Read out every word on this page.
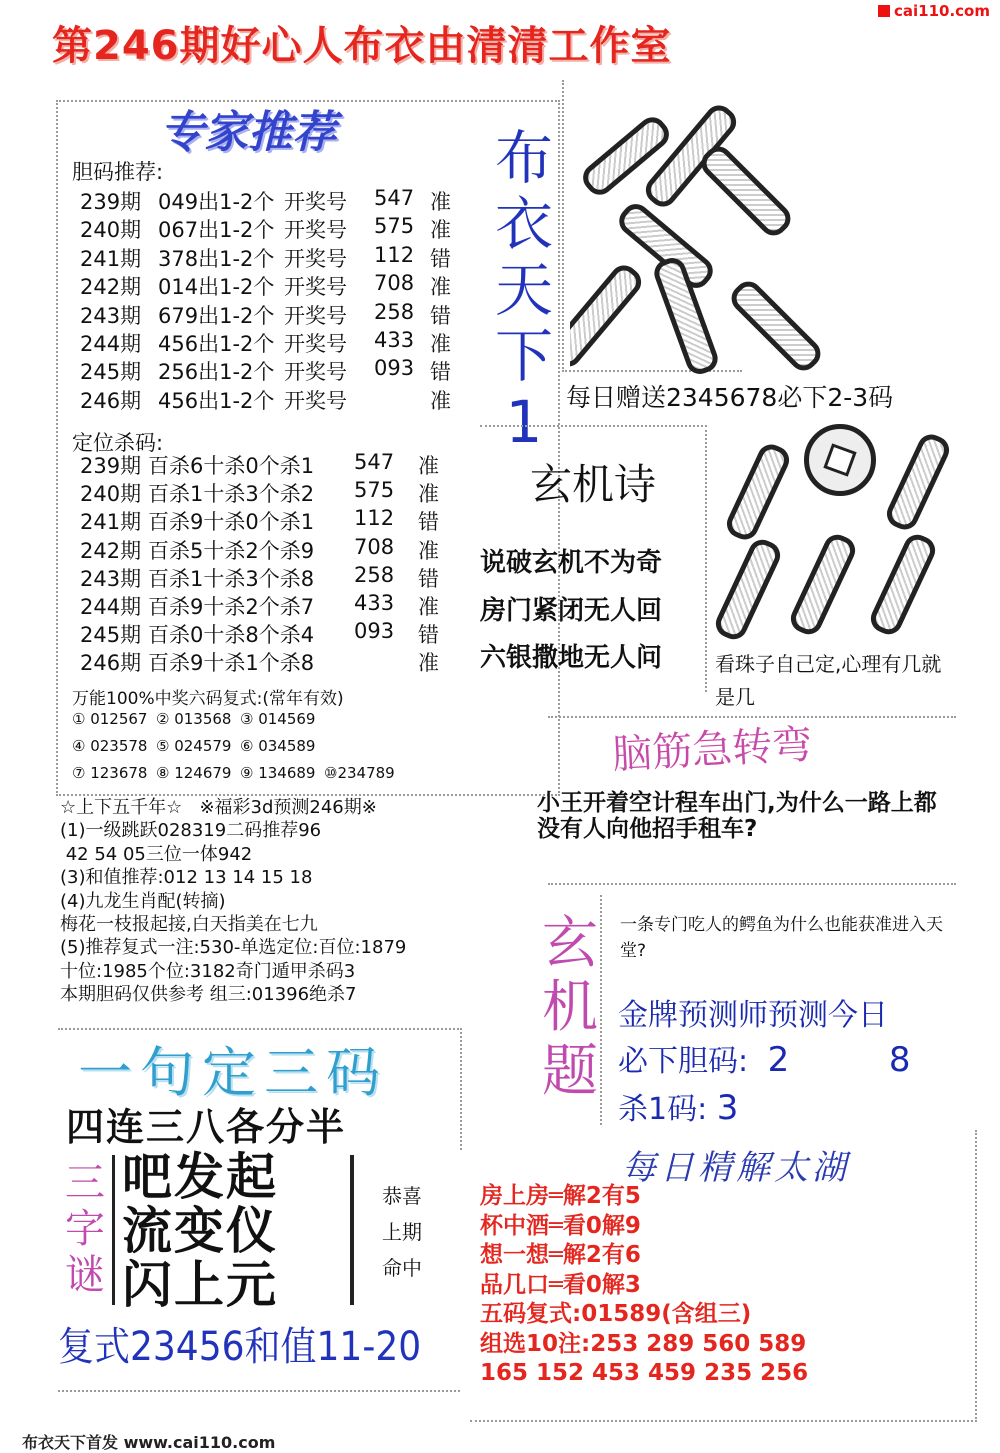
cai110.com
第246期好心人布衣由清清工作室
专家推荐
胆码推荐:
239期 049出1-2个 开奖号 547 准
240期 067出1-2个 开奖号 575 准
241期 378出1-2个 开奖号 112 错
242期 014出1-2个 开奖号 708 准
243期 679出1-2个 开奖号 258 错
244期 456出1-2个 开奖号 433 准
245期 256出1-2个 开奖号 093 错
246期 456出1-2个 开奖号	准
定位杀码:
239期 百杀6十杀0个杀1 547 准
240期 百杀1十杀3个杀2 575 准
241期 百杀9十杀0个杀1 112 错
242期 百杀5十杀2个杀9 708 准
243期 百杀1十杀3个杀8 258 错
244期 百杀9十杀2个杀7 433 准
245期 百杀0十杀8个杀4 093 错
246期 百杀9十杀1个杀8	准
万能100%中奖六码复式:(常年有效)
① 012567 ② 013568 ③ 014569
④ 023578 ⑤ 024579 ⑥ 034589
⑦ 123678 ⑧ 124679 ⑨ 134689 ⑩234789
☆上下五千年☆   ※福彩3d预测246期※
(1)一级跳跃028319二码推荐96
42 54 05三位一体942
(3)和值推荐:012 13 14 15 18
(4)九龙生肖配(转摘)
梅花一枝报起接,白天指美在七九
(5)推荐复式一注:530-单选定位:百位:1879
十位:1985个位:3182奇门遁甲杀码3
本期胆码仅供参考 组三:01396绝杀7
布
衣
天
下
1 每日赠送2345678必下2-3码
玄机诗
说破玄机不为奇
房门紧闭无人回
六银撒地无人问	看珠子自己定,心理有几就是几
脑筋急转弯
小王开着空计程车出门,为什么一路上都没有人向他招手租车?
玄
机
题
一条专门吃人的鳄鱼为什么也能获准进入天堂?
金牌预测师预测今日
必下胆码: 2	8
杀1码: 3
每日精解太湖
房上房═解2有5
杯中酒═看0解9
想一想═解2有6
品几口═看0解3
五码复式:01589(含组三)
组选10注:253 289 560 589
165 152 453 459 235 256
一句定三码
四连三八各分半
三
字
谜
吧发起
流变仪
闪上元
恭喜
上期
命中
复式23456和值11-20
布衣天下首发 www.cai110.com
